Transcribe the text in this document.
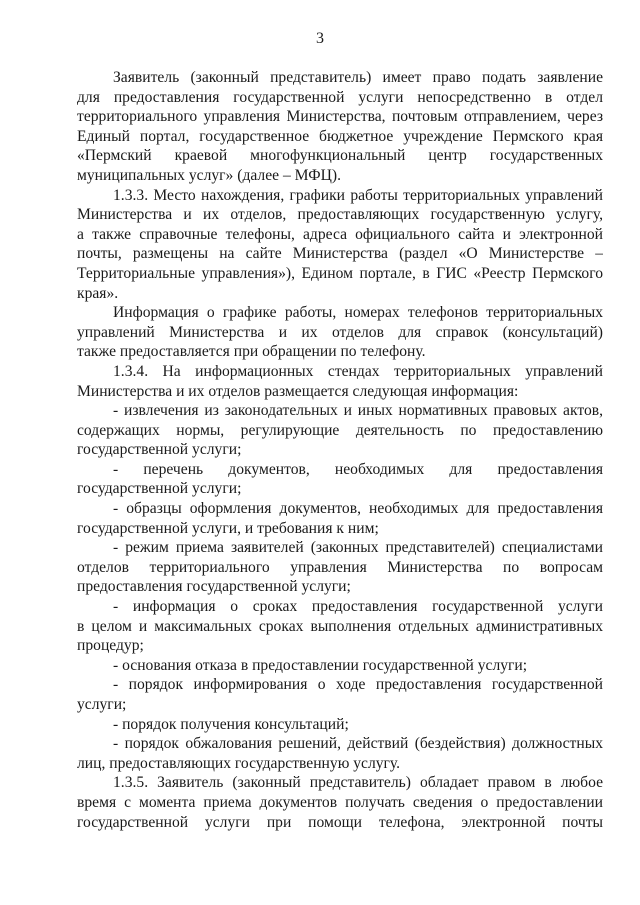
3
Заявитель (законный представитель) имеет право подать заявление
для предоставления государственной услуги непосредственно в отдел
территориального управления Министерства, почтовым отправлением, через
Единый портал, государственное бюджетное учреждение Пермского края
«Пермский краевой многофункциональный центр государственных
муниципальных услуг» (далее – МФЦ).
1.3.3. Место нахождения, графики работы территориальных управлений
Министерства и их отделов, предоставляющих государственную услугу,
а также справочные телефоны, адреса официального сайта и электронной
почты, размещены на сайте Министерства (раздел «О Министерстве –
Территориальные управления»), Едином портале, в ГИС «Реестр Пермского
края».
Информация о графике работы, номерах телефонов территориальных
управлений Министерства и их отделов для справок (консультаций)
также предоставляется при обращении по телефону.
1.3.4. На информационных стендах территориальных управлений
Министерства и их отделов размещается следующая информация:
- извлечения из законодательных и иных нормативных правовых актов,
содержащих нормы, регулирующие деятельность по предоставлению
государственной услуги;
- перечень документов, необходимых для предоставления
государственной услуги;
- образцы оформления документов, необходимых для предоставления
государственной услуги, и требования к ним;
- режим приема заявителей (законных представителей) специалистами
отделов территориального управления Министерства по вопросам
предоставления государственной услуги;
- информация о сроках предоставления государственной услуги
в целом и максимальных сроках выполнения отдельных административных
процедур;
- основания отказа в предоставлении государственной услуги;
- порядок информирования о ходе предоставления государственной
услуги;
- порядок получения консультаций;
- порядок обжалования решений, действий (бездействия) должностных
лиц, предоставляющих государственную услугу.
1.3.5. Заявитель (законный представитель) обладает правом в любое
время с момента приема документов получать сведения о предоставлении
государственной услуги при помощи телефона, электронной почты
